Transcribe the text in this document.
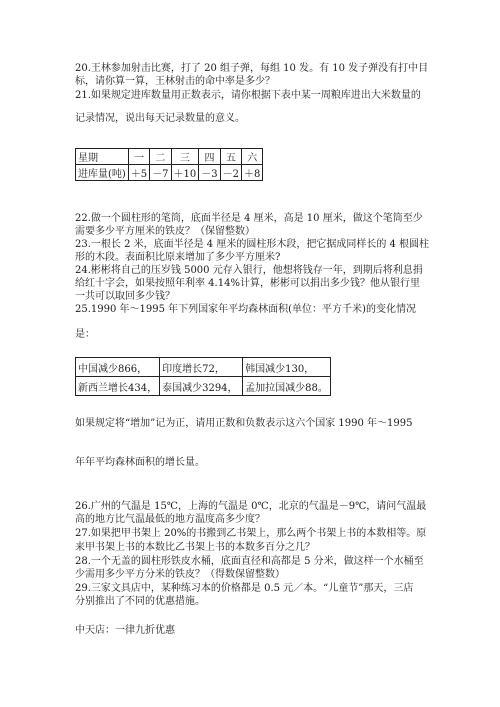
20.王林参加射击比赛，打了 20 组子弹，每组 10 发。有 10 发子弹没有打中目
标，请你算一算，王林射击的命中率是多少？
21.如果规定进库数量用正数表示，请你根据下表中某一周粮库进出大米数量的
记录情况，说出每天记录数量的意义。
星期	一	二	三	四	五	六
进库量(吨)	＋5	－7	＋10	－3	－2	＋8
22.做一个圆柱形的笔筒，底面半径是 4 厘米，高是 10 厘米，做这个笔筒至少
需要多少平方厘米的铁皮？（保留整数）
23.一根长 2 米，底面半径是 4 厘米的圆柱形木段，把它据成同样长的 4 根圆柱
形的木段。表面积比原来增加了多少平方厘米?
24.彬彬将自己的压岁钱 5000 元存入银行，他想将钱存一年，到期后将利息捐
给红十字会，如果按照年利率 4.14%计算，彬彬可以捐出多少钱？他从银行里
一共可以取回多少钱？
25.1990 年～1995 年下列国家年平均森林面积(单位：平方千米)的变化情况
是：
中国减少866，	印度增长72，	韩国减少130，
新西兰增长434，	泰国减少3294，	孟加拉国减少88。
如果规定将“增加”记为正，请用正数和负数表示这六个国家 1990 年～1995
年年平均森林面积的增长量。
26.广州的气温是 15℃，上海的气温是 0℃，北京的气温是－9℃，请问气温最
高的地方比气温最低的地方温度高多少度？
27.如果把甲书架上 20%的书搬到乙书架上，那么两个书架上书的本数相等。原
来甲书架上书的本数比乙书架上书的本数多百分之几？
28.一个无盖的圆柱形铁皮水桶，底面直径和高都是 5 分米，做这样一个水桶至
少需用多少平方分米的铁皮？（得数保留整数）
29.三家文具店中，某种练习本的价格都是 0.5 元／本。“儿童节”那天，三店
分别推出了不同的优惠措施。
中天店：一律九折优惠
